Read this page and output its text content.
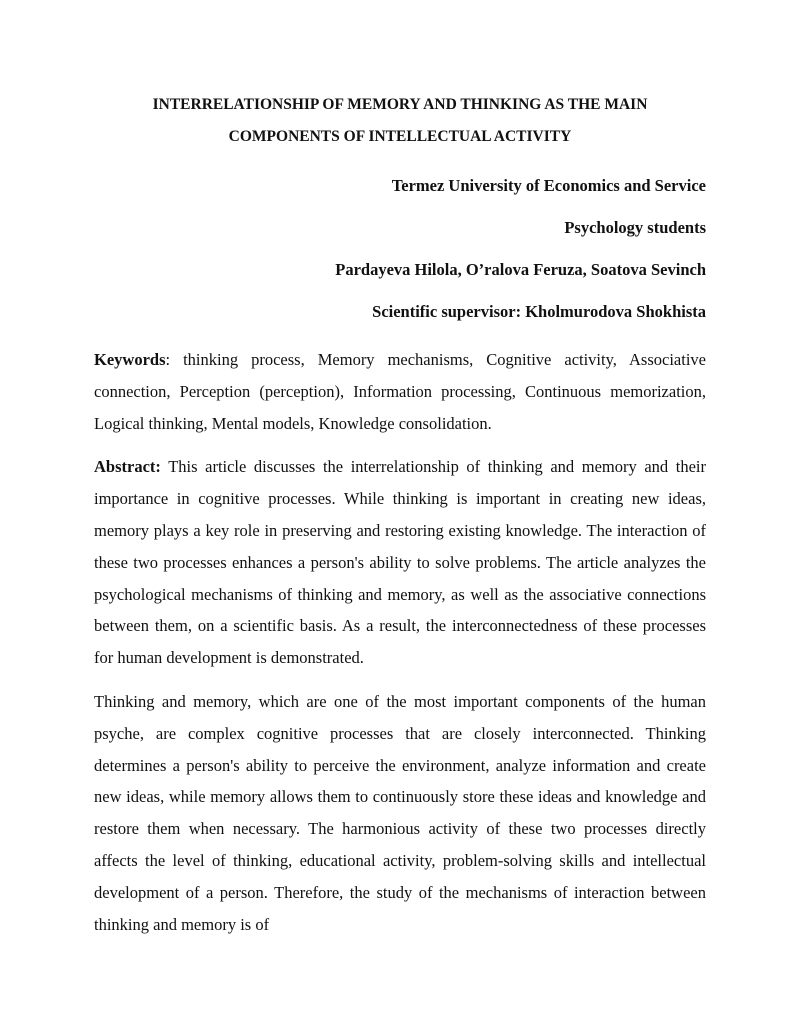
INTERRELATIONSHIP OF MEMORY AND THINKING AS THE MAIN
COMPONENTS OF INTELLECTUAL ACTIVITY
Termez University of Economics and Service
Psychology students
Pardayeva Hilola, O’ralova Feruza, Soatova Sevinch
Scientific supervisor: Kholmurodova Shokhista
Keywords: thinking process, Memory mechanisms, Cognitive activity, Associative connection, Perception (perception), Information processing, Continuous memorization, Logical thinking, Mental models, Knowledge consolidation.
Abstract: This article discusses the interrelationship of thinking and memory and their importance in cognitive processes. While thinking is important in creating new ideas, memory plays a key role in preserving and restoring existing knowledge. The interaction of these two processes enhances a person's ability to solve problems. The article analyzes the psychological mechanisms of thinking and memory, as well as the associative connections between them, on a scientific basis. As a result, the interconnectedness of these processes for human development is demonstrated.
Thinking and memory, which are one of the most important components of the human psyche, are complex cognitive processes that are closely interconnected. Thinking determines a person's ability to perceive the environment, analyze information and create new ideas, while memory allows them to continuously store these ideas and knowledge and restore them when necessary. The harmonious activity of these two processes directly affects the level of thinking, educational activity, problem-solving skills and intellectual development of a person. Therefore, the study of the mechanisms of interaction between thinking and memory is of
